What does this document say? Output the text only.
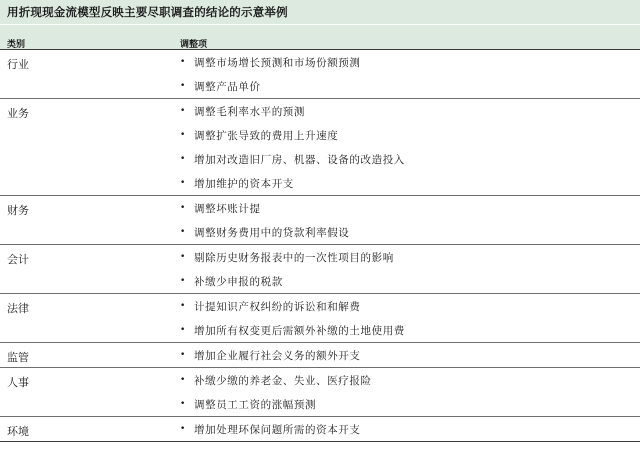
用折现现金流模型反映主要尽职调查的结论的示意举例
类别	调整项
行业	• 调整市场增长预测和市场份额预测
• 调整产品单价
业务	• 调整毛利率水平的预测
• 调整扩张导致的费用上升速度
• 增加对改造旧厂房、机器、设备的改造投入
• 增加维护的资本开支
财务	• 调整坏账计提
• 调整财务费用中的贷款利率假设
会计	• 剔除历史财务报表中的一次性项目的影响
• 补缴少申报的税款
法律	• 计提知识产权纠纷的诉讼和和解费
• 增加所有权变更后需额外补缴的土地使用费
监管	• 增加企业履行社会义务的额外开支
人事	• 补缴少缴的养老金、失业、医疗报险
• 调整员工工资的涨幅预测
环境	• 增加处理环保问题所需的资本开支
